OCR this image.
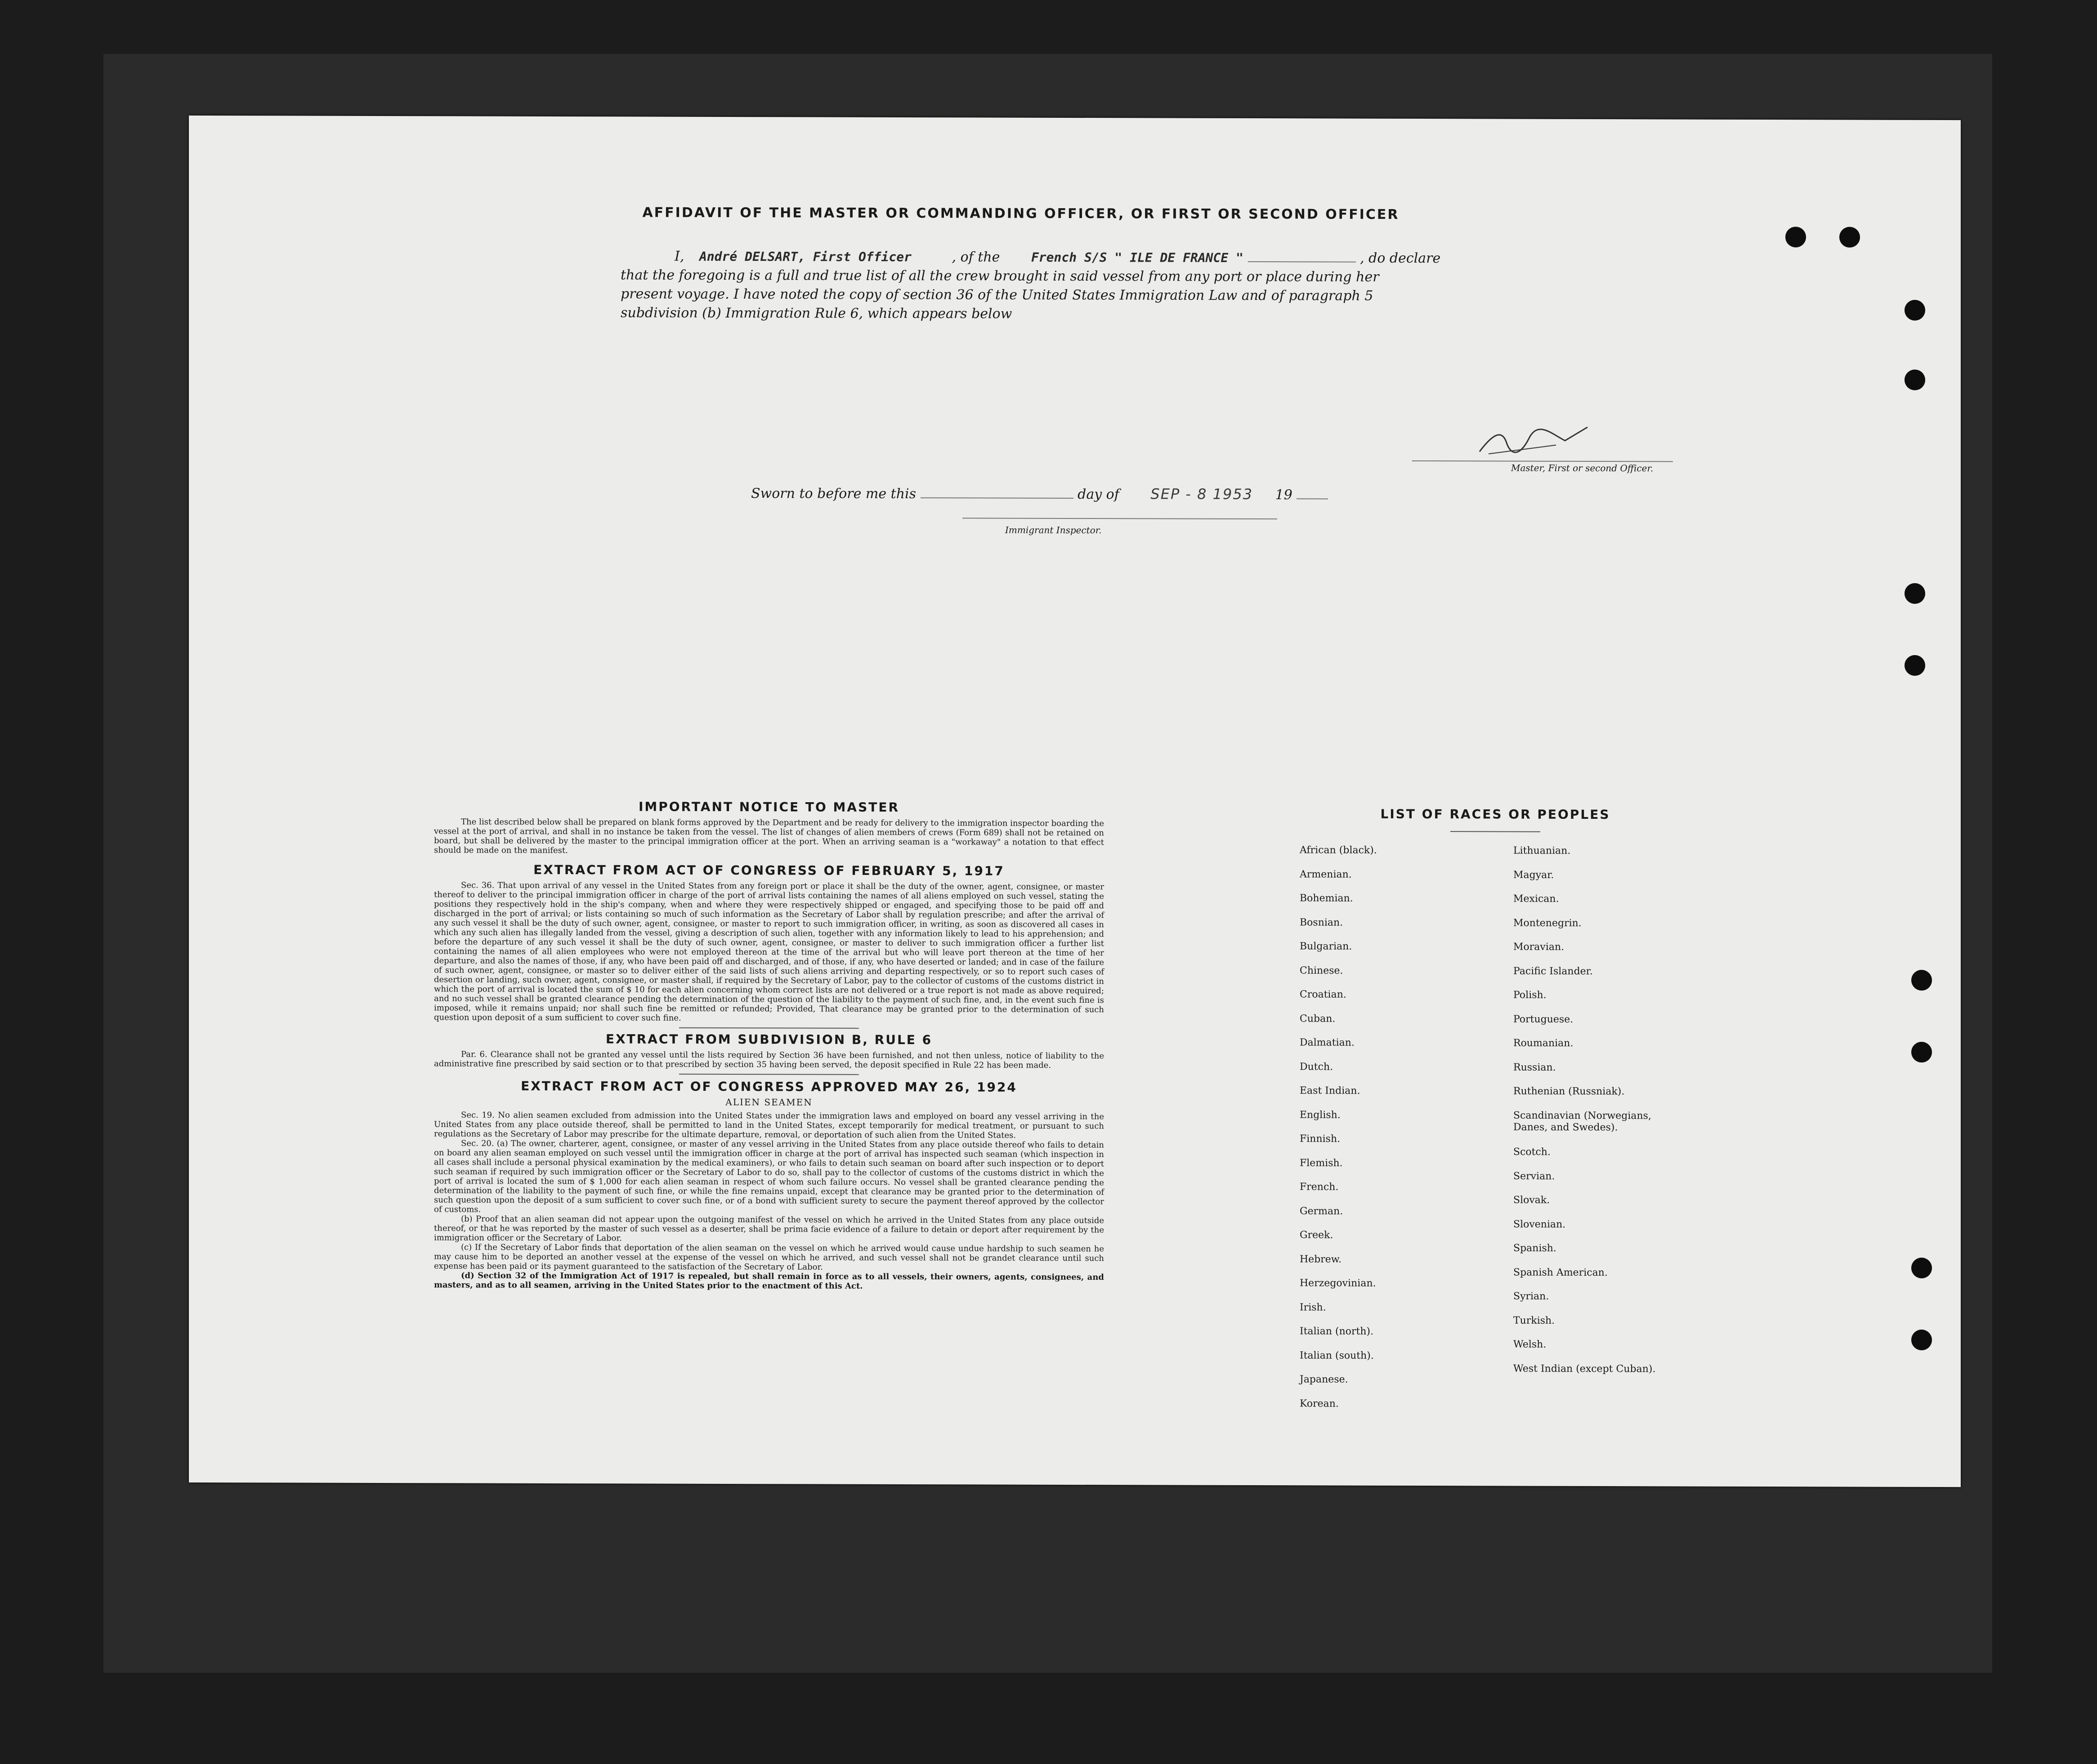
AFFIDAVIT OF THE MASTER OR COMMANDING OFFICER, OR FIRST OR SECOND OFFICER
I, André DELSART, First Officer	, of the French S/S " ILE DE FRANCE "	, do declare
that the foregoing is a full and true list of all the crew brought in said vessel from any port or place during her
present voyage. I have noted the copy of section 36 of the United States Immigration Law and of paragraph 5
subdivision (b) Immigration Rule 6, which appears below
Master, First or second Officer.
Sworn to before me this	day of SEP - 8 1953 19
Immigrant Inspector.
IMPORTANT NOTICE TO MASTER
The list described below shall be prepared on blank forms approved by the Department and be ready for delivery to the immigration inspector boarding the vessel at the port of arrival, and shall in no instance be taken from the vessel. The list of changes of alien members of crews (Form 689) shall not be retained on board, but shall be delivered by the master to the principal immigration officer at the port. When an arriving seaman is a "workaway" a notation to that effect should be made on the manifest.
EXTRACT FROM ACT OF CONGRESS OF FEBRUARY 5, 1917
Sec. 36. That upon arrival of any vessel in the United States from any foreign port or place it shall be the duty of the owner, agent, consignee, or master thereof to deliver to the principal immigration officer in charge of the port of arrival lists containing the names of all aliens employed on such vessel, stating the positions they respectively hold in the ship's company, when and where they were respectively shipped or engaged, and specifying those to be paid off and discharged in the port of arrival; or lists containing so much of such information as the Secretary of Labor shall by regulation prescribe; and after the arrival of any such vessel it shall be the duty of such owner, agent, consignee, or master to report to such immigration officer, in writing, as soon as discovered all cases in which any such alien has illegally landed from the vessel, giving a description of such alien, together with any information likely to lead to his apprehension; and before the departure of any such vessel it shall be the duty of such owner, agent, consignee, or master to deliver to such immigration officer a further list containing the names of all alien employees who were not employed thereon at the time of the arrival but who will leave port thereon at the time of her departure, and also the names of those, if any, who have been paid off and discharged, and of those, if any, who have deserted or landed; and in case of the failure of such owner, agent, consignee, or master so to deliver either of the said lists of such aliens arriving and departing respectively, or so to report such cases of desertion or landing, such owner, agent, consignee, or master shall, if required by the Secretary of Labor, pay to the collector of customs of the customs district in which the port of arrival is located the sum of $ 10 for each alien concerning whom correct lists are not delivered or a true report is not made as above required; and no such vessel shall be granted clearance pending the determination of the question of the liability to the payment of such fine, and, in the event such fine is imposed, while it remains unpaid; nor shall such fine be remitted or refunded; Provided, That clearance may be granted prior to the determination of such question upon deposit of a sum sufficient to cover such fine.
EXTRACT FROM SUBDIVISION B, RULE 6
Par. 6. Clearance shall not be granted any vessel until the lists required by Section 36 have been furnished, and not then unless, notice of liability to the administrative fine prescribed by said section or to that prescribed by section 35 having been served, the deposit specified in Rule 22 has been made.
EXTRACT FROM ACT OF CONGRESS APPROVED MAY 26, 1924
ALIEN SEAMEN
Sec. 19. No alien seamen excluded from admission into the United States under the immigration laws and employed on board any vessel arriving in the United States from any place outside thereof, shall be permitted to land in the United States, except temporarily for medical treatment, or pursuant to such regulations as the Secretary of Labor may prescribe for the ultimate departure, removal, or deportation of such alien from the United States.
Sec. 20. (a) The owner, charterer, agent, consignee, or master of any vessel arriving in the United States from any place outside thereof who fails to detain on board any alien seaman employed on such vessel until the immigration officer in charge at the port of arrival has inspected such seaman (which inspection in all cases shall include a personal physical examination by the medical examiners), or who fails to detain such seaman on board after such inspection or to deport such seaman if required by such immigration officer or the Secretary of Labor to do so, shall pay to the collector of customs of the customs district in which the port of arrival is located the sum of $ 1,000 for each alien seaman in respect of whom such failure occurs. No vessel shall be granted clearance pending the determination of the liability to the payment of such fine, or while the fine remains unpaid, except that clearance may be granted prior to the determination of such question upon the deposit of a sum sufficient to cover such fine, or of a bond with sufficient surety to secure the payment thereof approved by the collector of customs.
(b) Proof that an alien seaman did not appear upon the outgoing manifest of the vessel on which he arrived in the United States from any place outside thereof, or that he was reported by the master of such vessel as a deserter, shall be prima facie evidence of a failure to detain or deport after requirement by the immigration officer or the Secretary of Labor.
(c) If the Secretary of Labor finds that deportation of the alien seaman on the vessel on which he arrived would cause undue hardship to such seamen he may cause him to be deported an another vessel at the expense of the vessel on which he arrived, and such vessel shall not be grandet clearance until such expense has been paid or its payment guaranteed to the satisfaction of the Secretary of Labor.
(d) Section 32 of the Immigration Act of 1917 is repealed, but shall remain in force as to all vessels, their owners, agents, consignees, and masters, and as to all seamen, arriving in the United States prior to the enactment of this Act.
LIST OF RACES OR PEOPLES
African (black).
Armenian.
Bohemian.
Bosnian.
Bulgarian.
Chinese.
Croatian.
Cuban.
Dalmatian.
Dutch.
East Indian.
English.
Finnish.
Flemish.
French.
German.
Greek.
Hebrew.
Herzegovinian.
Irish.
Italian (north).
Italian (south).
Japanese.
Korean.
Lithuanian.
Magyar.
Mexican.
Montenegrin.
Moravian.
Pacific Islander.
Polish.
Portuguese.
Roumanian.
Russian.
Ruthenian (Russniak).
Scandinavian (Norwegians, Danes, and Swedes).
Scotch.
Servian.
Slovak.
Slovenian.
Spanish.
Spanish American.
Syrian.
Turkish.
Welsh.
West Indian (except Cuban).
